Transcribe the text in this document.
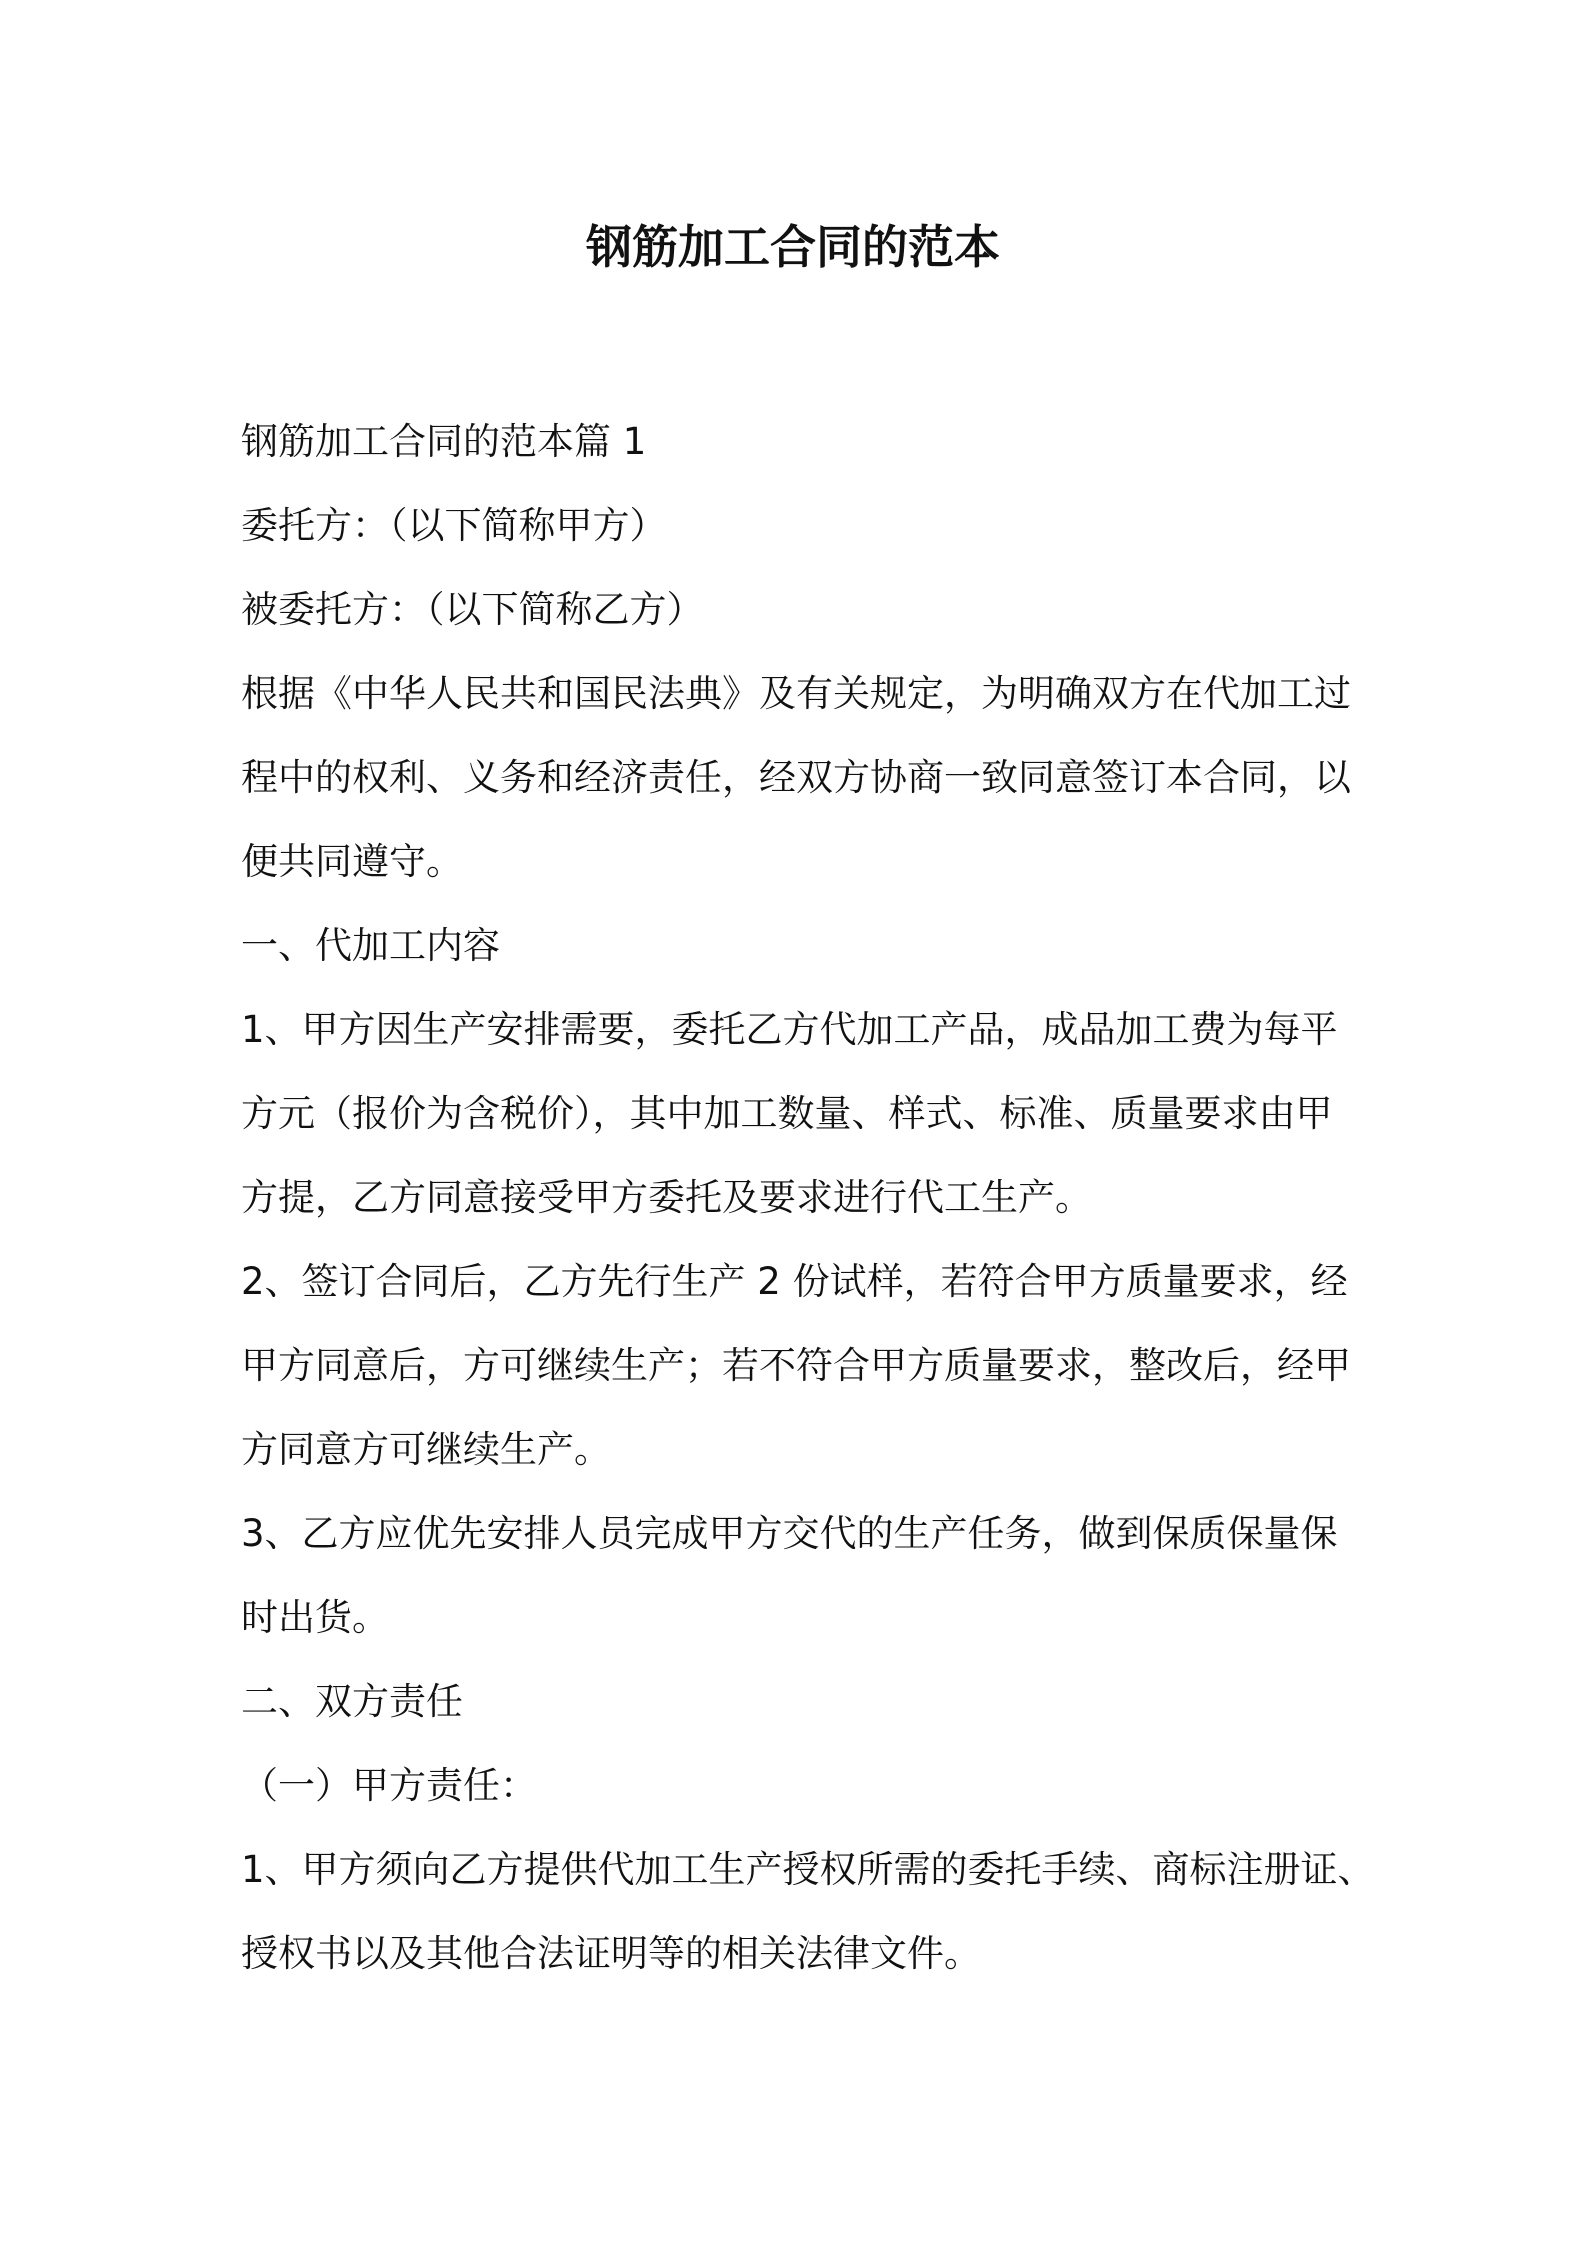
钢筋加工合同的范本

钢筋加工合同的范本篇 1

委托方：（以下简称甲方）

被委托方：（以下简称乙方）

根据《中华人民共和国民法典》及有关规定，为明确双方在代加工过

程中的权利、义务和经济责任，经双方协商一致同意签订本合同，以

便共同遵守。

一、代加工内容

1、甲方因生产安排需要，委托乙方代加工产品，成品加工费为每平

方元（报价为含税价），其中加工数量、样式、标准、质量要求由甲

方提，乙方同意接受甲方委托及要求进行代工生产。

2、签订合同后，乙方先行生产 2 份试样，若符合甲方质量要求，经

甲方同意后，方可继续生产；若不符合甲方质量要求，整改后，经甲

方同意方可继续生产。

3、乙方应优先安排人员完成甲方交代的生产任务，做到保质保量保

时出货。

二、双方责任

（一）甲方责任：

1、甲方须向乙方提供代加工生产授权所需的委托手续、商标注册证、

授权书以及其他合法证明等的相关法律文件。
